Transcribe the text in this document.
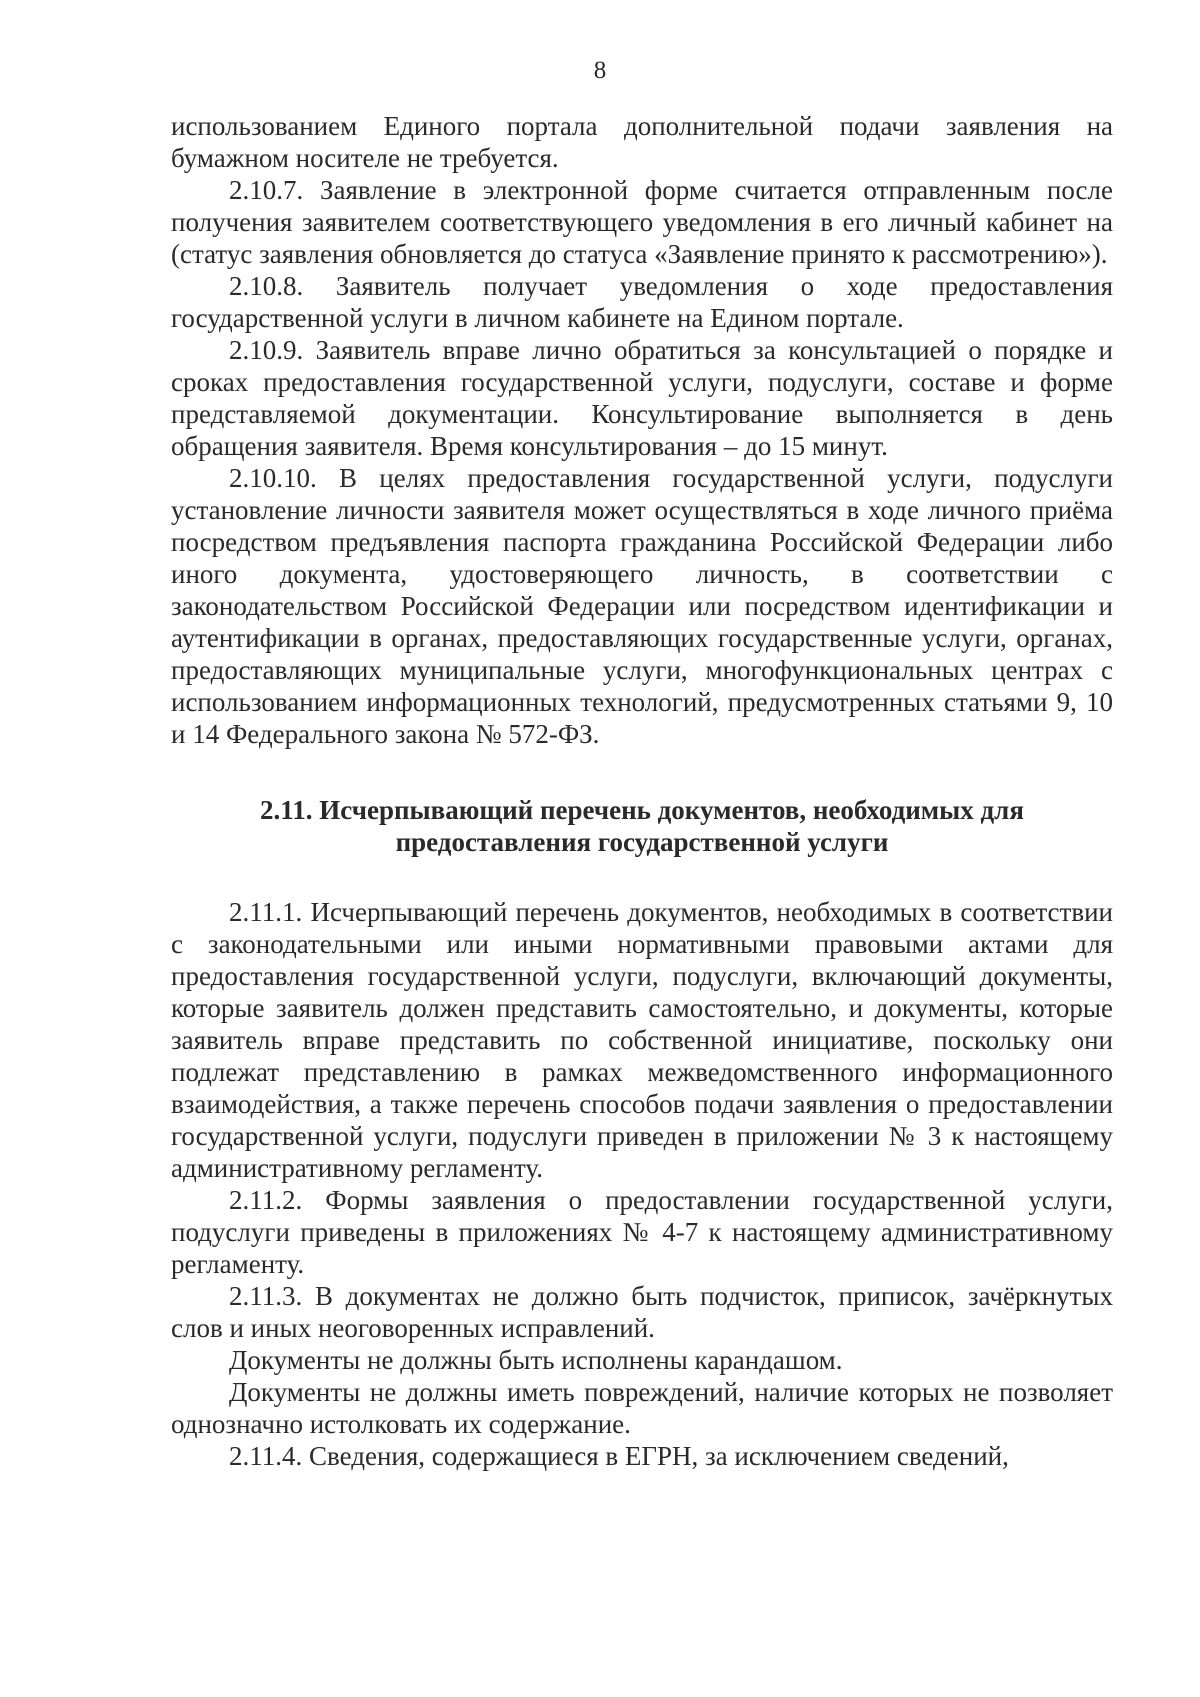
8

использованием Единого портала дополнительной подачи заявления на бумажном носителе не требуется.

2.10.7. Заявление в электронной форме считается отправленным после получения заявителем соответствующего уведомления в его личный кабинет на (статус заявления обновляется до статуса «Заявление принято к рассмотрению»).

2.10.8. Заявитель получает уведомления о ходе предоставления государственной услуги в личном кабинете на Едином портале.

2.10.9. Заявитель вправе лично обратиться за консультацией о порядке и сроках предоставления государственной услуги, подуслуги, составе и форме представляемой документации. Консультирование выполняется в день обращения заявителя. Время консультирования – до 15 минут.

2.10.10. В целях предоставления государственной услуги, подуслуги установление личности заявителя может осуществляться в ходе личного приёма посредством предъявления паспорта гражданина Российской Федерации либо иного документа, удостоверяющего личность, в соответствии с законодательством Российской Федерации или посредством идентификации и аутентификации в органах, предоставляющих государственные услуги, органах, предоставляющих муниципальные услуги, многофункциональных центрах с использованием информационных технологий, предусмотренных статьями 9, 10 и 14 Федерального закона № 572-ФЗ.

2.11. Исчерпывающий перечень документов, необходимых для предоставления государственной услуги

2.11.1. Исчерпывающий перечень документов, необходимых в соответствии с законодательными или иными нормативными правовыми актами для предоставления государственной услуги, подуслуги, включающий документы, которые заявитель должен представить самостоятельно, и документы, которые заявитель вправе представить по собственной инициативе, поскольку они подлежат представлению в рамках межведомственного информационного взаимодействия, а также перечень способов подачи заявления о предоставлении государственной услуги, подуслуги приведен в приложении № 3 к настоящему административному регламенту.

2.11.2. Формы заявления о предоставлении государственной услуги, подуслуги приведены в приложениях № 4-7 к настоящему административному регламенту.

2.11.3. В документах не должно быть подчисток, приписок, зачёркнутых слов и иных неоговоренных исправлений.

Документы не должны быть исполнены карандашом.

Документы не должны иметь повреждений, наличие которых не позволяет однозначно истолковать их содержание.

2.11.4. Сведения, содержащиеся в ЕГРН, за исключением сведений,
